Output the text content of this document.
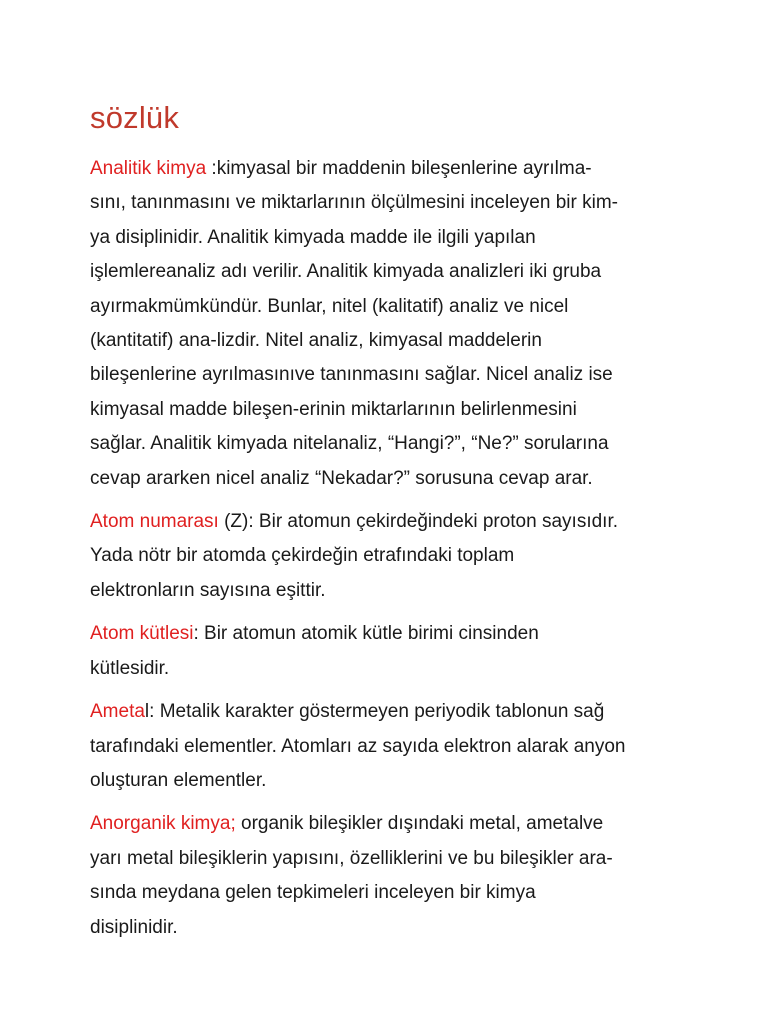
sözlük
Analitik kimya :kimyasal bir maddenin bileşenlerine ayrılma-
sını, tanınmasını ve miktarlarının ölçülmesini inceleyen bir kim-
ya disiplinidir. Analitik kimyada madde ile ilgili yapılan
işlemlereanaliz adı verilir. Analitik kimyada analizleri iki gruba
ayırmakmümkündür. Bunlar, nitel (kalitatif) analiz ve nicel
(kantitatif) ana-lizdir. Nitel analiz, kimyasal maddelerin
bileşenlerine ayrılmasınıve tanınmasını sağlar. Nicel analiz ise
kimyasal madde bileşen-erinin miktarlarının belirlenmesini
sağlar. Analitik kimyada nitelanaliz, “Hangi?”, “Ne?” sorularına
cevap ararken nicel analiz “Nekadar?” sorusuna cevap arar.
Atom numarası (Z): Bir atomun çekirdeğindeki proton sayısıdır.
Yada nötr bir atomda çekirdeğin etrafındaki toplam
elektronların sayısına eşittir.
Atom kütlesi: Bir atomun atomik kütle birimi cinsinden
kütlesidir.
Ametal: Metalik karakter göstermeyen periyodik tablonun sağ
tarafındaki elementler. Atomları az sayıda elektron alarak anyon
oluşturan elementler.
Anorganik kimya; organik bileşikler dışındaki metal, ametalve
yarı metal bileşiklerin yapısını, özelliklerini ve bu bileşikler ara-
sında meydana gelen tepkimeleri inceleyen bir kimya
disiplinidir.
